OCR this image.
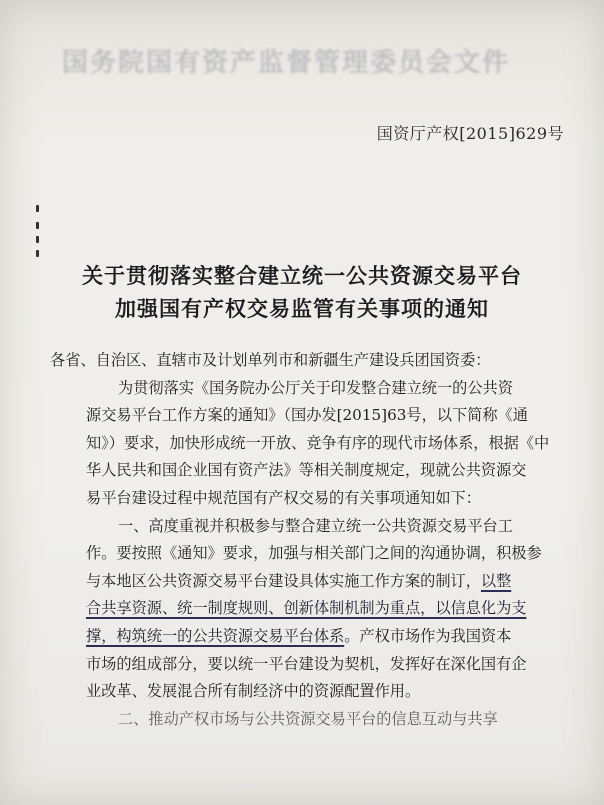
国务院国有资产监督管理委员会文件
国资厅产权[2015]629号
关于贯彻落实整合建立统一公共资源交易平台
加强国有产权交易监管有关事项的通知
各省、自治区、直辖市及计划单列市和新疆生产建设兵团国资委：
为贯彻落实《国务院办公厅关于印发整合建立统一的公共资
源交易平台工作方案的通知》（国办发[2015]63号，以下简称《通
知》）要求，加快形成统一开放、竞争有序的现代市场体系，根据《中
华人民共和国企业国有资产法》等相关制度规定，现就公共资源交
易平台建设过程中规范国有产权交易的有关事项通知如下：
一、高度重视并积极参与整合建立统一公共资源交易平台工
作。要按照《通知》要求，加强与相关部门之间的沟通协调，积极参
与本地区公共资源交易平台建设具体实施工作方案的制订，以整
合共享资源、统一制度规则、创新体制机制为重点，以信息化为支
撑，构筑统一的公共资源交易平台体系。产权市场作为我国资本
市场的组成部分，要以统一平台建设为契机，发挥好在深化国有企
业改革、发展混合所有制经济中的资源配置作用。
二、推动产权市场与公共资源交易平台的信息互动与共享
